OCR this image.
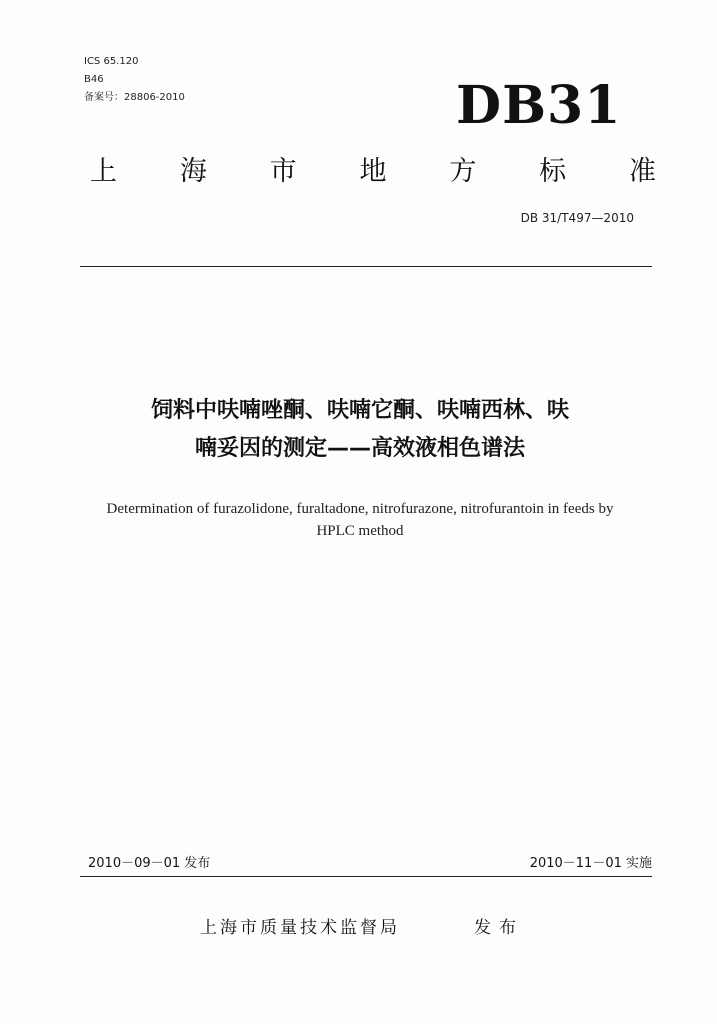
ICS 65.120
B46
备案号：28806-2010	DB31
上 海 市 地 方 标 准
DB 31/T497—2010
饲料中呋喃唑酮、呋喃它酮、呋喃西林、呋
喃妥因的测定——高效液相色谱法
Determination of furazolidone, furaltadone, nitrofurazone, nitrofurantoin in feeds by
HPLC method
2010－09－01 发布	2010－11－01 实施
上海市质量技术监督局	发布
